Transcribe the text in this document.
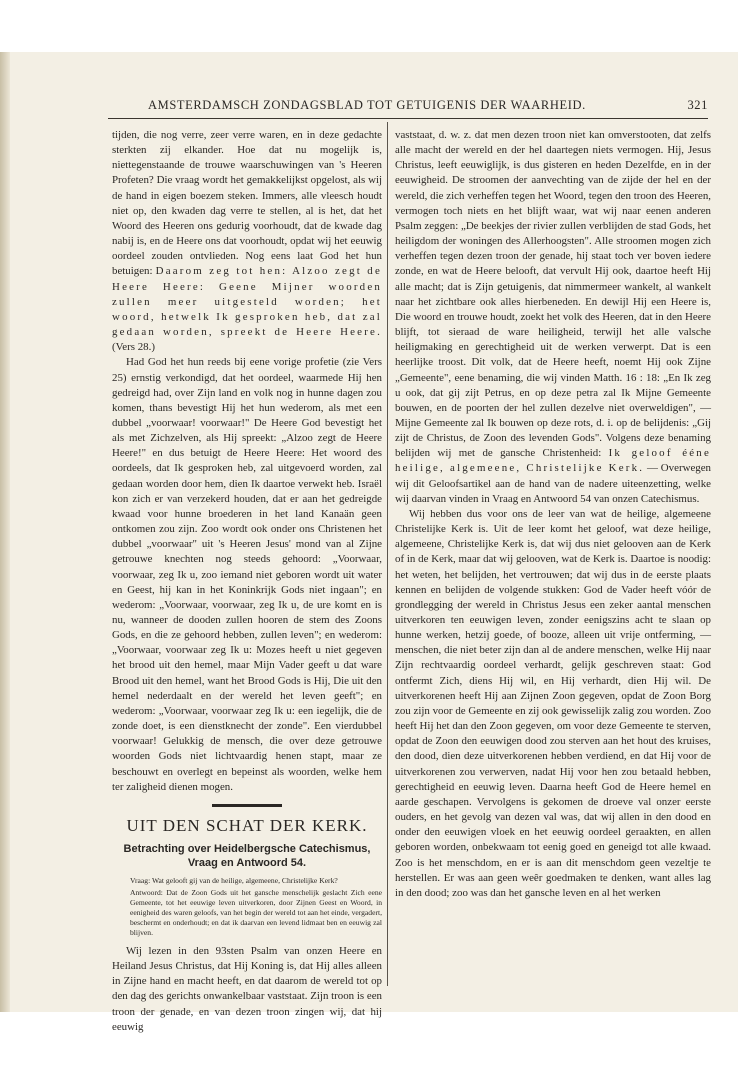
AMSTERDAMSCH ZONDAGSBLAD TOT GETUIGENIS DER WAARHEID.	321

tijden, die nog verre, zeer verre waren, en in deze gedachte sterkten zij elkander. Hoe dat nu mogelijk is, niettegenstaande de trouwe waarschuwingen van 's Heeren Profeten? Die vraag wordt het gemakkelijkst opgelost, als wij de hand in eigen boezem steken. Immers, alle vleesch houdt niet op, den kwaden dag verre te stellen, al is het, dat het Woord des Heeren ons gedurig voorhoudt, dat de kwade dag nabij is, en de Heere ons dat voorhoudt, opdat wij het eeuwig oordeel zouden ontvlieden. Nog eens laat God het hun betuigen: Daarom zeg tot hen: Alzoo zegt de Heere Heere: Geene Mijner woorden zullen meer uitgesteld worden; het woord, hetwelk Ik gesproken heb, dat zal gedaan worden, spreekt de Heere Heere. (Vers 28.)

Had God het hun reeds bij eene vorige profetie (zie Vers 25) ernstig verkondigd, dat het oordeel, waarmede Hij hen gedreigd had, over Zijn land en volk nog in hunne dagen zou komen, thans bevestigt Hij het hun wederom, als met een dubbel „voorwaar! voorwaar!" De Heere God bevestigt het als met Zichzelven, als Hij spreekt: „Alzoo zegt de Heere Heere!" en dus betuigt de Heere Heere: Het woord des oordeels, dat Ik gesproken heb, zal uitgevoerd worden, zal gedaan worden door hem, dien Ik daartoe verwekt heb. Israël kon zich er van verzekerd houden, dat er aan het gedreigde kwaad voor hunne broederen in het land Kanaän geen ontkomen zou zijn. Zoo wordt ook onder ons Christenen het dubbel „voorwaar" uit 's Heeren Jesus' mond van al Zijne getrouwe knechten nog steeds gehoord: „Voorwaar, voorwaar, zeg Ik u, zoo iemand niet geboren wordt uit water en Geest, hij kan in het Koninkrijk Gods niet ingaan"; en wederom: „Voorwaar, voorwaar, zeg Ik u, de ure komt en is nu, wanneer de dooden zullen hooren de stem des Zoons Gods, en die ze gehoord hebben, zullen leven"; en wederom: „Voorwaar, voorwaar zeg Ik u: Mozes heeft u niet gegeven het brood uit den hemel, maar Mijn Vader geeft u dat ware Brood uit den hemel, want het Brood Gods is Hij, Die uit den hemel nederdaalt en der wereld het leven geeft"; en wederom: „Voorwaar, voorwaar zeg Ik u: een iegelijk, die de zonde doet, is een dienstknecht der zonde". Een vierdubbel voorwaar! Gelukkig de mensch, die over deze getrouwe woorden Gods niet lichtvaardig henen stapt, maar ze beschouwt en overlegt en bepeinst als woorden, welke hem ter zaligheid dienen mogen.

UIT DEN SCHAT DER KERK.
Betrachting over Heidelbergsche Catechismus,
Vraag en Antwoord 54.

Vraag: Wat gelooft gij van de heilige, algemeene, Christelijke Kerk?

Antwoord: Dat de Zoon Gods uit het gansche menschelijk geslacht Zich eene Gemeente, tot het eeuwige leven uitverkoren, door Zijnen Geest en Woord, in eenigheid des waren geloofs, van het begin der wereld tot aan het einde, vergadert, beschermt en onderhoudt; en dat ik daarvan een levend lidmaat ben en eeuwig zal blijven.

Wij lezen in den 93sten Psalm van onzen Heere en Heiland Jesus Christus, dat Hij Koning is, dat Hij alles alleen in Zijne hand en macht heeft, en dat daarom de wereld tot op den dag des gerichts onwankelbaar vaststaat. Zijn troon is een troon der genade, en van dezen troon zingen wij, dat hij eeuwig

vaststaat, d. w. z. dat men dezen troon niet kan omverstooten, dat zelfs alle macht der wereld en der hel daartegen niets vermogen. Hij, Jesus Christus, leeft eeuwiglijk, is dus gisteren en heden Dezelfde, en in der eeuwigheid. De stroomen der aanvechting van de zijde der hel en der wereld, die zich verheffen tegen het Woord, tegen den troon des Heeren, vermogen toch niets en het blijft waar, wat wij naar eenen anderen Psalm zeggen: „De beekjes der rivier zullen verblijden de stad Gods, het heiligdom der woningen des Allerhoogsten". Alle stroomen mogen zich verheffen tegen dezen troon der genade, hij staat toch ver boven iedere zonde, en wat de Heere belooft, dat vervult Hij ook, daartoe heeft Hij alle macht; dat is Zijn getuigenis, dat nimmermeer wankelt, al wankelt naar het zichtbare ook alles hierbeneden. En dewijl Hij een Heere is, Die woord en trouwe houdt, zoekt het volk des Heeren, dat in den Heere blijft, tot sieraad de ware heiligheid, terwijl het alle valsche heiligmaking en gerechtigheid uit de werken verwerpt. Dat is een heerlijke troost. Dit volk, dat de Heere heeft, noemt Hij ook Zijne „Gemeente", eene benaming, die wij vinden Matth. 16 : 18: „En Ik zeg u ook, dat gij zijt Petrus, en op deze petra zal Ik Mijne Gemeente bouwen, en de poorten der hel zullen dezelve niet overweldigen", — Mijne Gemeente zal Ik bouwen op deze rots, d. i. op de belijdenis: „Gij zijt de Christus, de Zoon des levenden Gods". Volgens deze benaming belijden wij met de gansche Christenheid: Ik geloof ééne heilige, algemeene, Christelijke Kerk. — Overwegen wij dit Geloofsartikel aan de hand van de nadere uiteenzetting, welke wij daarvan vinden in Vraag en Antwoord 54 van onzen Catechismus.

Wij hebben dus voor ons de leer van wat de heilige, algemeene Christelijke Kerk is. Uit de leer komt het geloof, wat deze heilige, algemeene, Christelijke Kerk is, dat wij dus niet gelooven aan de Kerk of in de Kerk, maar dat wij gelooven, wat de Kerk is. Daartoe is noodig: het weten, het belijden, het vertrouwen; dat wij dus in de eerste plaats kennen en belijden de volgende stukken: God de Vader heeft vóór de grondlegging der wereld in Christus Jesus een zeker aantal menschen uitverkoren ten eeuwigen leven, zonder eenigszins acht te slaan op hunne werken, hetzij goede, of booze, alleen uit vrije ontferming, — menschen, die niet beter zijn dan al de andere menschen, welke Hij naar Zijn rechtvaardig oordeel verhardt, gelijk geschreven staat: God ontfermt Zich, diens Hij wil, en Hij verhardt, dien Hij wil. De uitverkorenen heeft Hij aan Zijnen Zoon gegeven, opdat de Zoon Borg zou zijn voor de Gemeente en zij ook gewisselijk zalig zou worden. Zoo heeft Hij het dan den Zoon gegeven, om voor deze Gemeente te sterven, opdat de Zoon den eeuwigen dood zou sterven aan het hout des kruises, den dood, dien deze uitverkorenen hebben verdiend, en dat Hij voor de uitverkorenen zou verwerven, nadat Hij voor hen zou betaald hebben, gerechtigheid en eeuwig leven. Daarna heeft God de Heere hemel en aarde geschapen. Vervolgens is gekomen de droeve val onzer eerste ouders, en het gevolg van dezen val was, dat wij allen in den dood en onder den eeuwigen vloek en het eeuwig oordeel geraakten, en allen geboren worden, onbekwaam tot eenig goed en geneigd tot alle kwaad. Zoo is het menschdom, en er is aan dit menschdom geen vezeltje te herstellen. Er was aan geen weêr goedmaken te denken, want alles lag in den dood; zoo was dan het gansche leven en al het werken
